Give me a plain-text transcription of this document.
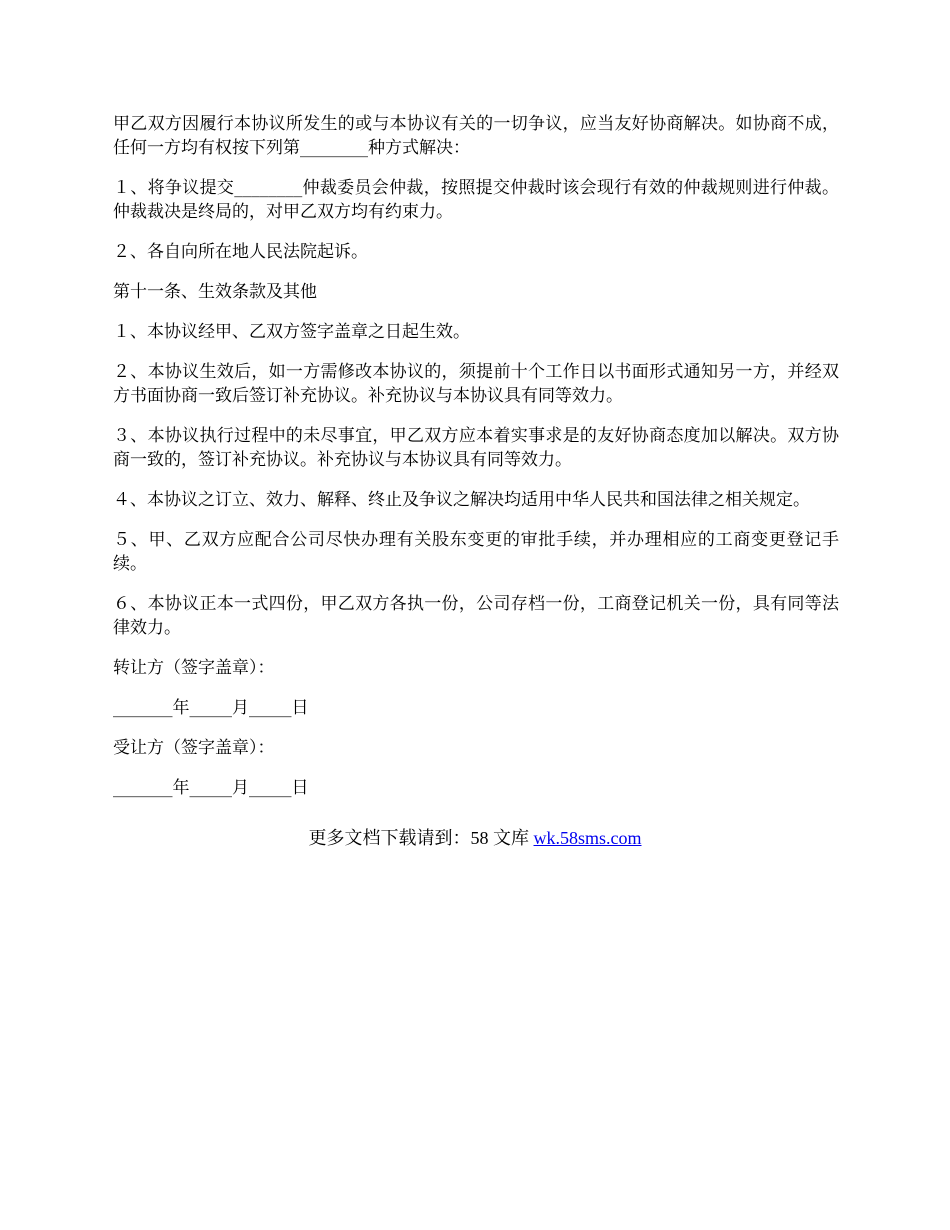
甲乙双方因履行本协议所发生的或与本协议有关的一切争议，应当友好协商解决。如协商不成，任何一方均有权按下列第________种方式解决：

１、将争议提交________仲裁委员会仲裁，按照提交仲裁时该会现行有效的仲裁规则进行仲裁。仲裁裁决是终局的，对甲乙双方均有约束力。

２、各自向所在地人民法院起诉。

第十一条、生效条款及其他

１、本协议经甲、乙双方签字盖章之日起生效。

２、本协议生效后，如一方需修改本协议的，须提前十个工作日以书面形式通知另一方，并经双方书面协商一致后签订补充协议。补充协议与本协议具有同等效力。

３、本协议执行过程中的未尽事宜，甲乙双方应本着实事求是的友好协商态度加以解决。双方协商一致的，签订补充协议。补充协议与本协议具有同等效力。

４、本协议之订立、效力、解释、终止及争议之解决均适用中华人民共和国法律之相关规定。

５、甲、乙双方应配合公司尽快办理有关股东变更的审批手续，并办理相应的工商变更登记手续。

６、本协议正本一式四份，甲乙双方各执一份，公司存档一份，工商登记机关一份，具有同等法律效力。

转让方（签字盖章）：

_______年_____月_____日

受让方（签字盖章）：

_______年_____月_____日

更多文档下载请到：58 文库 wk.58sms.com
